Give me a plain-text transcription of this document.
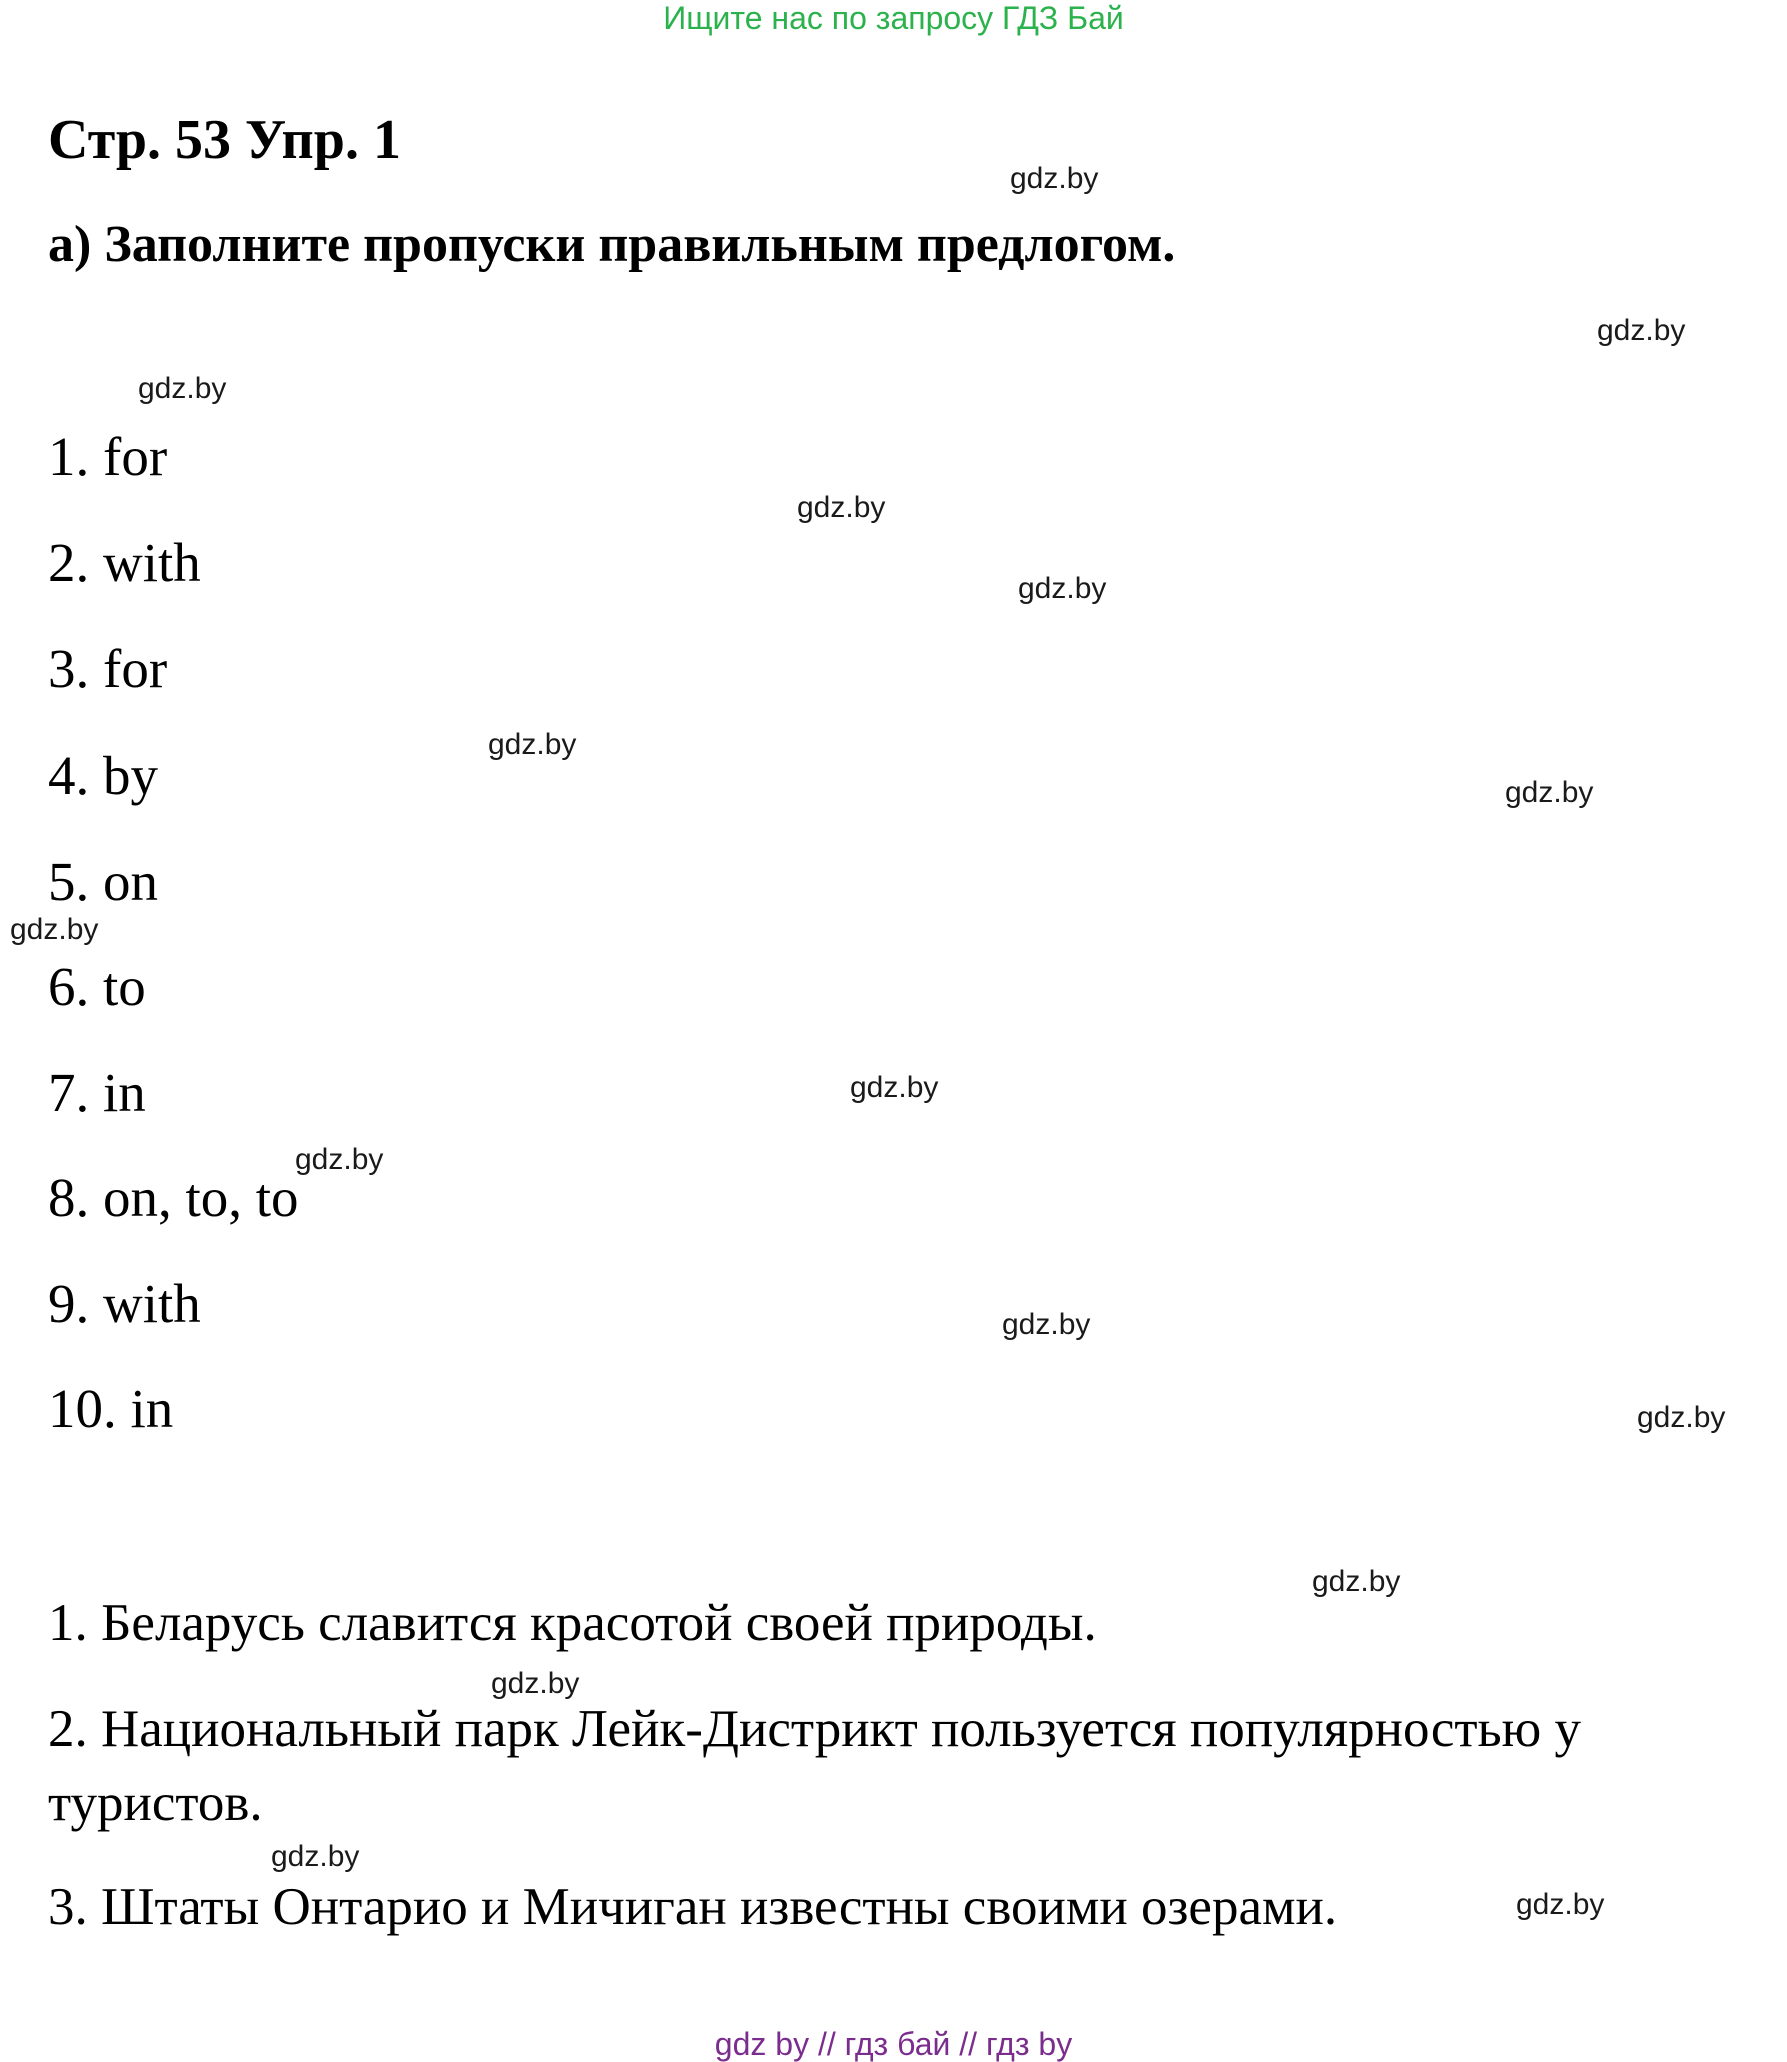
Ищите нас по запросу ГДЗ Бай
Стр. 53 Упр. 1
а) Заполните пропуски правильным предлогом.
1. for
2. with
3. for
4. by
5. on
6. to
7. in
8. on, to, to
9. with
10. in
1. Беларусь славится красотой своей природы.
2. Национальный парк Лейк-Дистрикт пользуется популярностью у
туристов.
3. Штаты Онтарио и Мичиган известны своими озерами.
gdz.by
gdz.by
gdz.by
gdz.by
gdz.by
gdz.by
gdz.by
gdz.by
gdz.by
gdz.by
gdz.by
gdz.by
gdz.by
gdz.by
gdz.by
gdz.by
gdz by // гдз бай // гдз by
